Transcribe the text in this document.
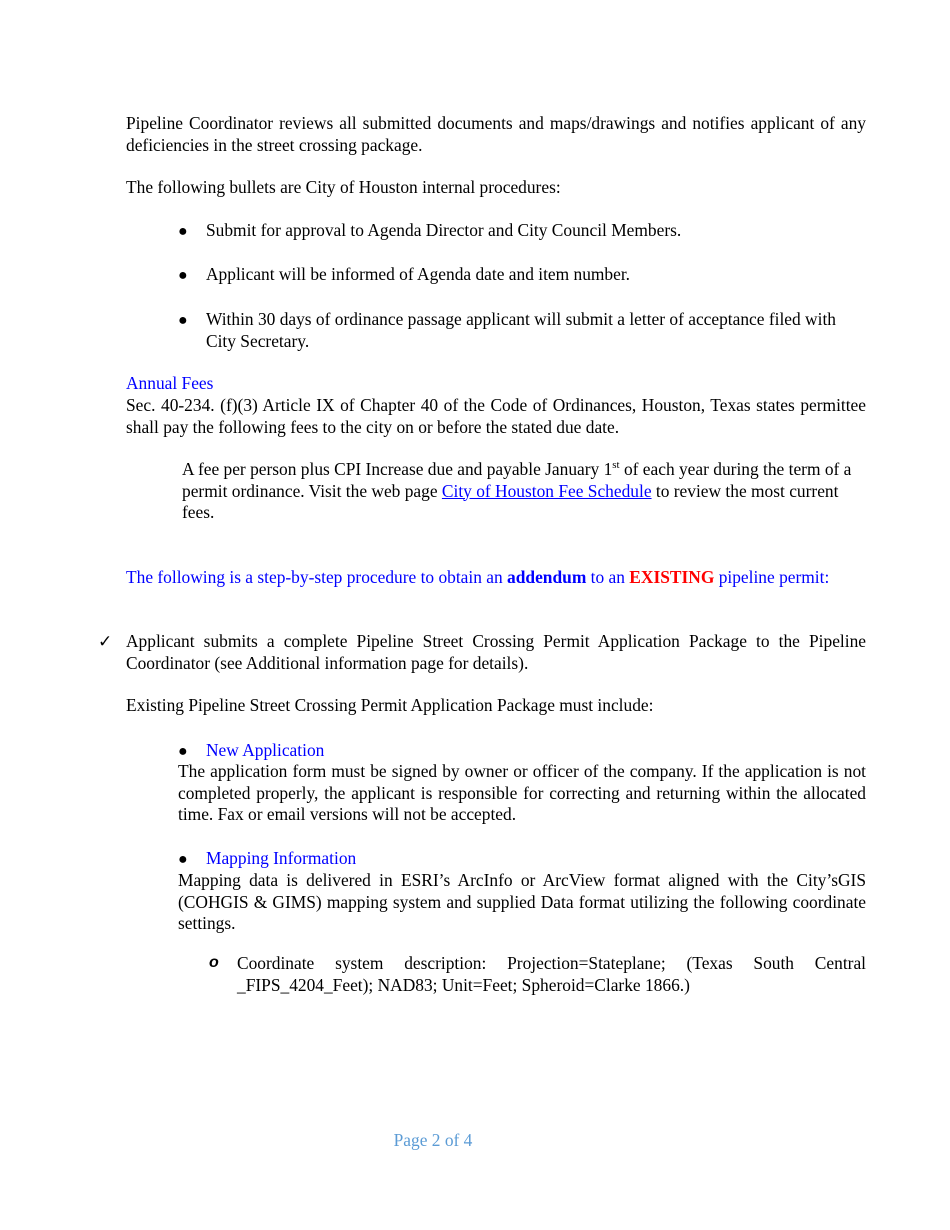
Pipeline Coordinator reviews all submitted documents and maps/drawings and notifies applicant of any deficiencies in the street crossing package.

The following bullets are City of Houston internal procedures:

● Submit for approval to Agenda Director and City Council Members.

● Applicant will be informed of Agenda date and item number.

● Within 30 days of ordinance passage applicant will submit a letter of acceptance filed with City Secretary.

Annual Fees

Sec. 40-234. (f)(3) Article IX of Chapter 40 of the Code of Ordinances, Houston, Texas states permittee shall pay the following fees to the city on or before the stated due date.

A fee per person plus CPI Increase due and payable January 1st of each year during the term of a permit ordinance. Visit the web page City of Houston Fee Schedule to review the most current fees.

The following is a step-by-step procedure to obtain an addendum to an EXISTING pipeline permit:

✓ Applicant submits a complete Pipeline Street Crossing Permit Application Package to the Pipeline Coordinator (see Additional information page for details).

Existing Pipeline Street Crossing Permit Application Package must include:

● New Application

The application form must be signed by owner or officer of the company. If the application is not completed properly, the applicant is responsible for correcting and returning within the allocated time. Fax or email versions will not be accepted.

● Mapping Information

Mapping data is delivered in ESRI’s ArcInfo or ArcView format aligned with the City’sGIS (COHGIS & GIMS) mapping system and supplied Data format utilizing the following coordinate settings.

o Coordinate system description: Projection=Stateplane; (Texas South Central _FIPS_4204_Feet); NAD83; Unit=Feet; Spheroid=Clarke 1866.)

Page 2 of 4
